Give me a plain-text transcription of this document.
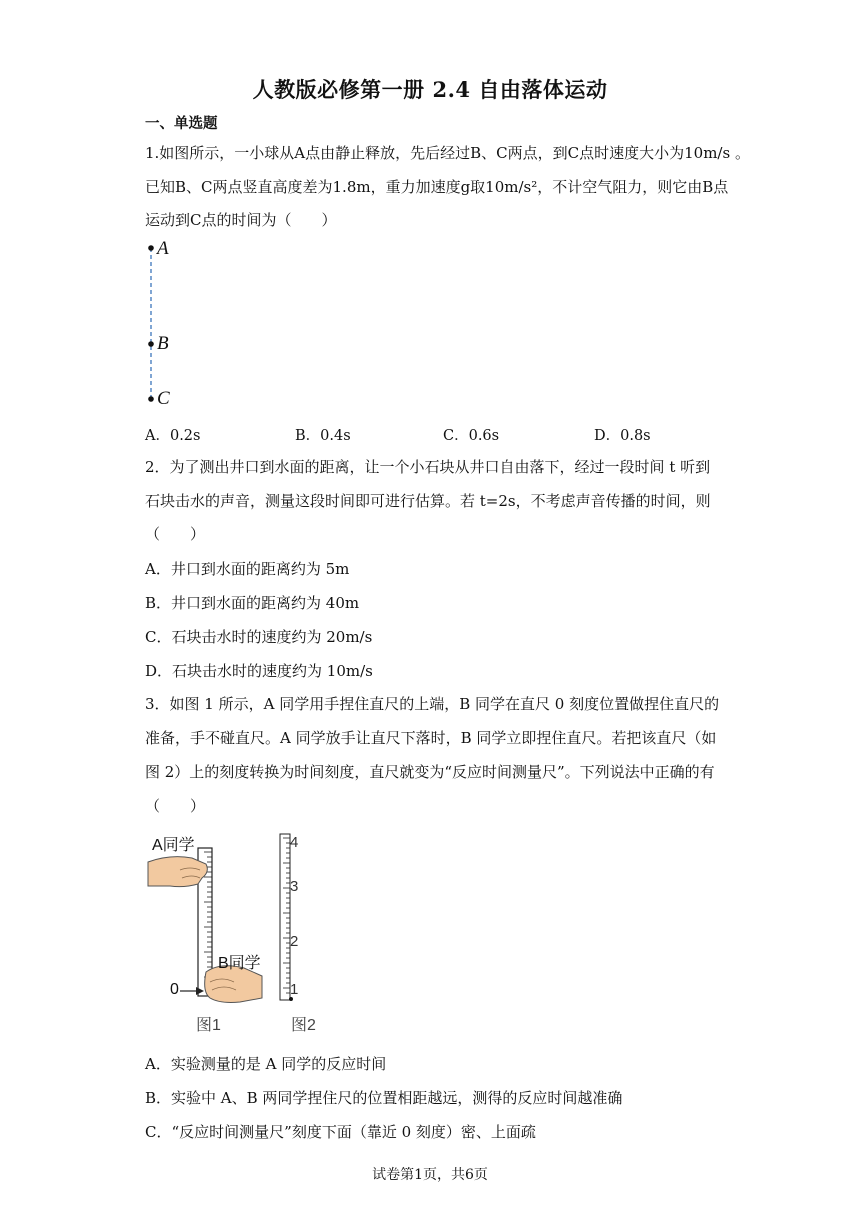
人教版必修第一册 2.4 自由落体运动
一、单选题
1.如图所示，一小球从A点由静止释放，先后经过B、C两点，到C点时速度大小为10m/s 。
已知B、C两点竖直高度差为1.8m，重力加速度g取10m/s²，不计空气阻力，则它由B点
运动到C点的时间为（　　）
A
B
C
A．0.2s	B．0.4s	C．0.6s	D．0.8s
2．为了测出井口到水面的距离，让一个小石块从井口自由落下，经过一段时间 t 听到
石块击水的声音，测量这段时间即可进行估算。若 t=2s，不考虑声音传播的时间，则
（　　）
A．井口到水面的距离约为 5m
B．井口到水面的距离约为 40m
C．石块击水时的速度约为 20m/s
D．石块击水时的速度约为 10m/s
3．如图 1 所示，A 同学用手捏住直尺的上端，B 同学在直尺 0 刻度位置做捏住直尺的
准备，手不碰直尺。A 同学放手让直尺下落时，B 同学立即捏住直尺。若把该直尺（如
图 2）上的刻度转换为时间刻度，直尺就变为“反应时间测量尺”。下列说法中正确的有
（　　）
A同学
B同学
0
图1	图2
4
3
2
1
A．实验测量的是 A 同学的反应时间
B．实验中 A、B 两同学捏住尺的位置相距越远，测得的反应时间越准确
C．“反应时间测量尺”刻度下面（靠近 0 刻度）密、上面疏
试卷第1页，共6页
